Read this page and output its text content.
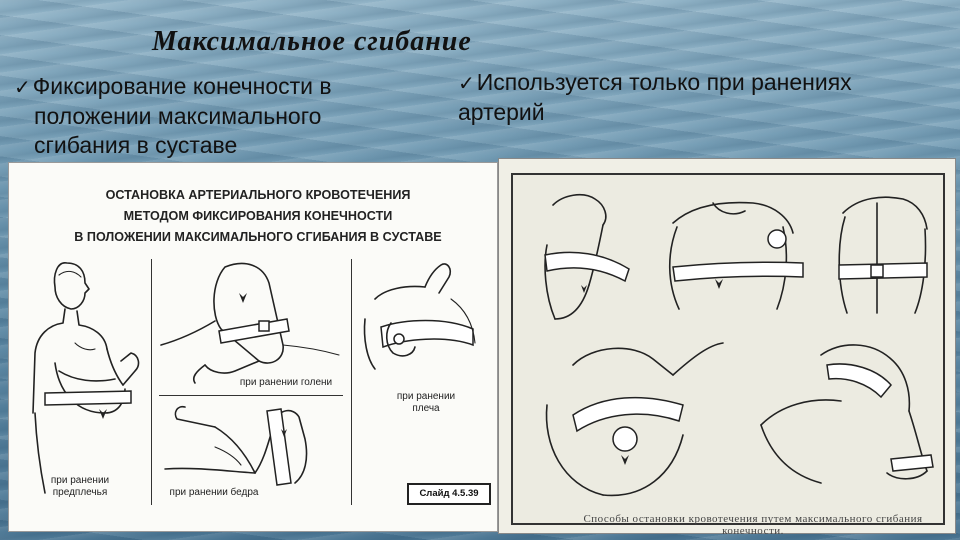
Максимальное сгибание
✓Фиксирование конечности в
положении максимального
сгибания в суставе
✓Используется только при ранениях
артерий
ОСТАНОВКА АРТЕРИАЛЬНОГО КРОВОТЕЧЕНИЯ
МЕТОДОМ ФИКСИРОВАНИЯ КОНЕЧНОСТИ
В ПОЛОЖЕНИИ МАКСИМАЛЬНОГО СГИБАНИЯ В СУСТАВЕ
при ранении
предплечья
при ранении голени
при ранении бедра
при ранении
плеча
Слайд 4.5.39
Способы остановки кровотечения путем максимального сгибания
конечности.
